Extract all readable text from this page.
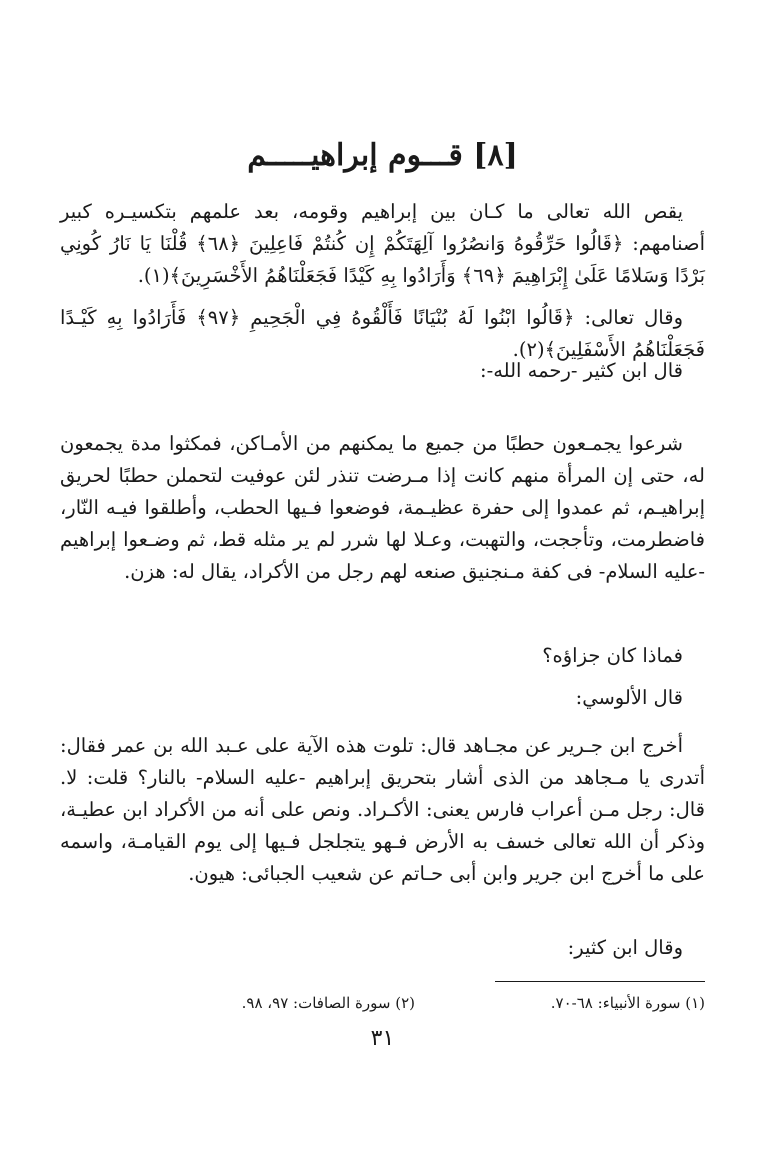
[٨] قـــوم إبراهيـــــم

يقص الله تعالى ما كـان بين إبراهيم وقومه، بعد علمهم بتكسيـره كبير أصنامهم: ﴿قَالُوا حَرِّقُوهُ وَانصُرُوا آلِهَتَكُمْ إِن كُنتُمْ فَاعِلِينَ ﴿٦٨﴾ قُلْنَا يَا نَارُ كُونِي بَرْدًا وَسَلامًا عَلَىٰ إِبْرَاهِيمَ ﴿٦٩﴾ وَأَرَادُوا بِهِ كَيْدًا فَجَعَلْنَاهُمُ الأَخْسَرِينَ﴾(١).

وقال تعالى: ﴿قَالُوا ابْنُوا لَهُ بُنْيَانًا فَأَلْقُوهُ فِي الْجَحِيمِ ﴿٩٧﴾ فَأَرَادُوا بِهِ كَيْـدًا فَجَعَلْنَاهُمُ الأَسْفَلِينَ﴾(٢).

قال ابن كثير -رحمه الله-:

شرعوا يجمـعون حطبًا من جميع ما يمكنهم من الأمـاكن، فمكثوا مدة يجمعون له، حتى إن المرأة منهم كانت إذا مـرضت تنذر لئن عوفيت لتحملن حطبًا لحريق إبراهيـم، ثم عمدوا إلى حفرة عظيـمة، فوضعوا فـيها الحطب، وأطلقوا فيـه النّار، فاضطرمت، وتأججت، والتهبت، وعـلا لها شرر لم ير مثله قط، ثم وضـعوا إبراهيم -عليه السلام- فى كفة مـنجنيق صنعه لهم رجل من الأكراد، يقال له: هزن.

فماذا كان جزاؤه؟

قال الألوسي:

أخرج ابن جـرير عن مجـاهد قال: تلوت هذه الآية على عـبد الله بن عمر فقال: أتدرى يا مـجاهد من الذى أشار بتحريق إبراهيم -عليه السلام- بالنار؟ قلت: لا. قال: رجل مـن أعراب فارس يعنى: الأكـراد. ونص على أنه من الأكراد ابن عطيـة، وذكر أن الله تعالى خسف به الأرض فـهو يتجلجل فـيها إلى يوم القيامـة، واسمه على ما أخرج ابن جرير وابن أبى حـاتم عن شعيب الجبائى: هيون.

وقال ابن كثير:

(١) سورة الأنبياء: ٦٨-٧٠.
(٢) سورة الصافات: ٩٧، ٩٨.
٣١
